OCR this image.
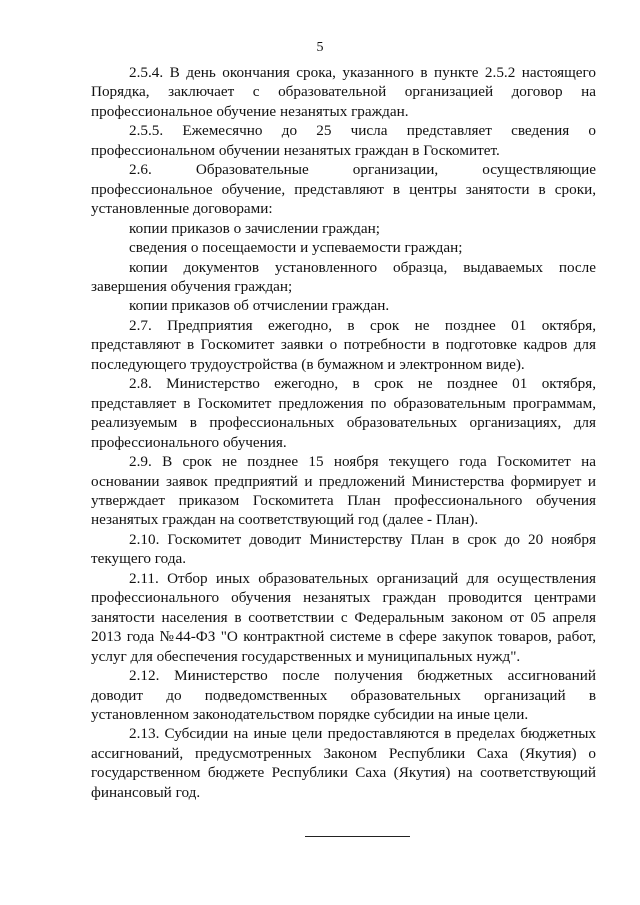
5

2.5.4. В день окончания срока, указанного в пункте 2.5.2 настоящего Порядка, заключает с образовательной организацией договор на профессиональное обучение незанятых граждан.

2.5.5. Ежемесячно до 25 числа представляет сведения о профессиональном обучении незанятых граждан в Госкомитет.

2.6. Образовательные организации, осуществляющие профессиональное обучение, представляют в центры занятости в сроки, установленные договорами:

копии приказов о зачислении граждан;

сведения о посещаемости и успеваемости граждан;

копии документов установленного образца, выдаваемых после завершения обучения граждан;

копии приказов об отчислении граждан.

2.7. Предприятия ежегодно, в срок не позднее 01 октября, представляют в Госкомитет заявки о потребности в подготовке кадров для последующего трудоустройства (в бумажном и электронном виде).

2.8. Министерство ежегодно, в срок не позднее 01 октября, представляет в Госкомитет предложения по образовательным программам, реализуемым в профессиональных образовательных организациях, для профессионального обучения.

2.9. В срок не позднее 15 ноября текущего года Госкомитет на основании заявок предприятий и предложений Министерства формирует и утверждает приказом Госкомитета План профессионального обучения незанятых граждан на соответствующий год (далее - План).

2.10. Госкомитет доводит Министерству План в срок до 20 ноября текущего года.

2.11. Отбор иных образовательных организаций для осуществления профессионального обучения незанятых граждан проводится центрами занятости населения в соответствии с Федеральным законом от 05 апреля 2013 года №44-ФЗ "О контрактной системе в сфере закупок товаров, работ, услуг для обеспечения государственных и муниципальных нужд".

2.12. Министерство после получения бюджетных ассигнований доводит до подведомственных образовательных организаций в установленном законодательством порядке субсидии на иные цели.

2.13. Субсидии на иные цели предоставляются в пределах бюджетных ассигнований, предусмотренных Законом Республики Саха (Якутия) о государственном бюджете Республики Саха (Якутия) на соответствующий финансовый год.
